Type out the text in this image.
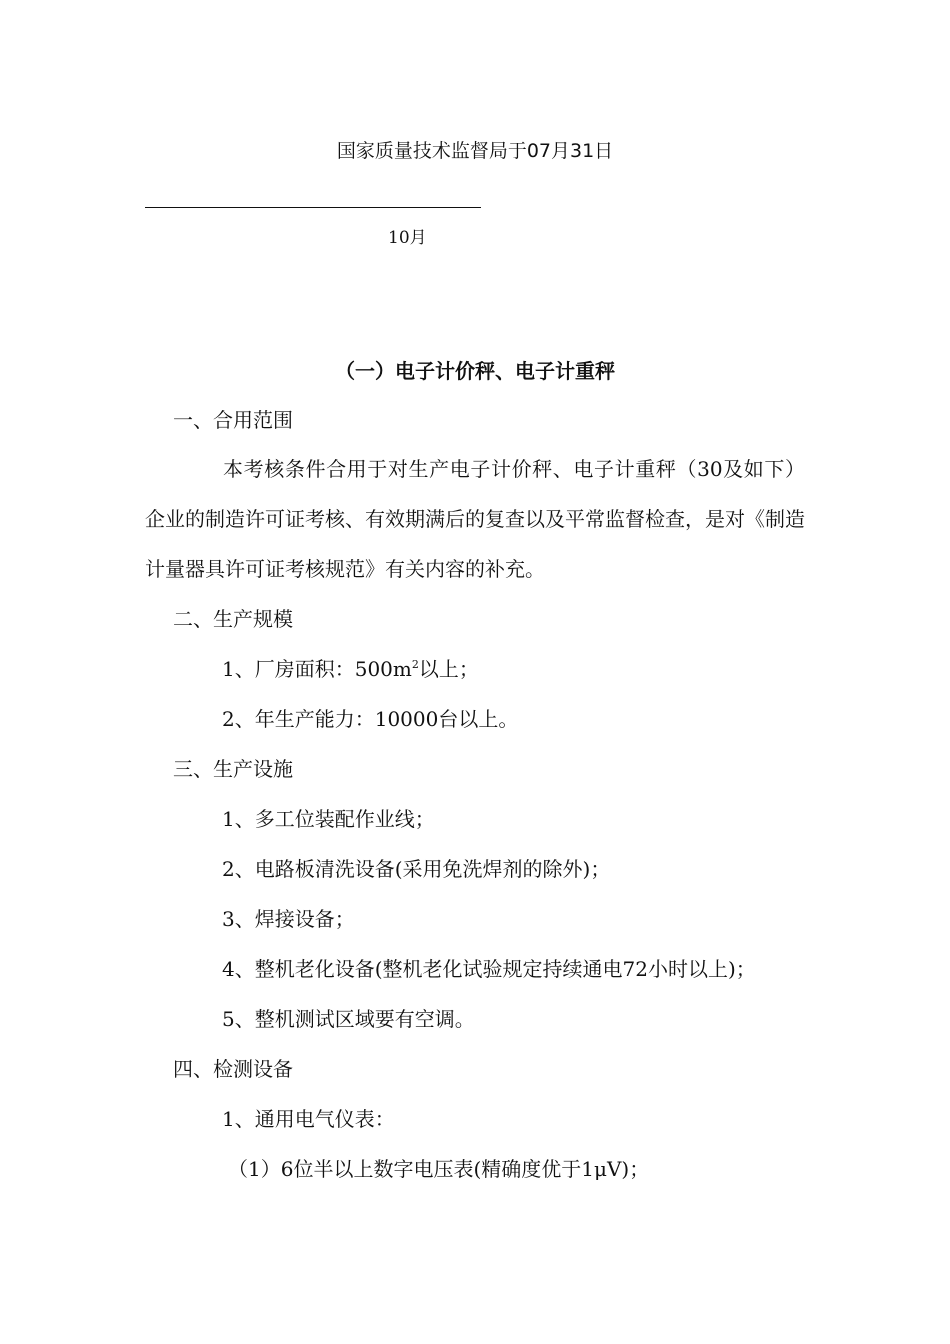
国家质量技术监督局于07月31日
10月
（一）电子计价秤、电子计重秤
一、合用范围
本考核条件合用于对生产电子计价秤、电子计重秤（30及如下）企业的制造许可证考核、有效期满后的复查以及平常监督检查，是对《制造计量器具许可证考核规范》有关内容的补充。
二、生产规模
1、厂房面积：$500m^2$以上；
2、年生产能力：10000台以上。
三、生产设施
1、多工位装配作业线；
2、电路板清洗设备(采用免洗焊剂的除外)；
3、焊接设备；
4、整机老化设备(整机老化试验规定持续通电72小时以上)；
5、整机测试区域要有空调。
四、检测设备
1、通用电气仪表：
（1）6位半以上数字电压表(精确度优于1μV)；
